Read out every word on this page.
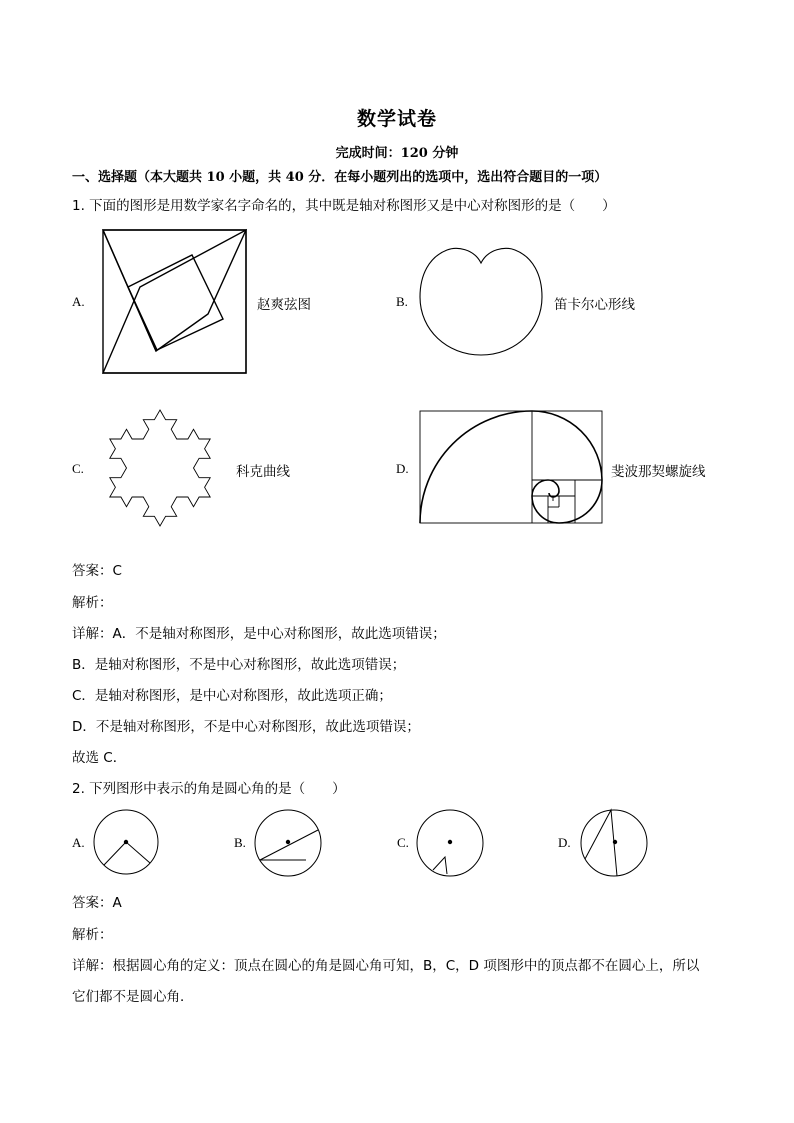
数学试卷
完成时间：120 分钟
一、选择题（本大题共 10 小题，共 40 分．在每小题列出的选项中，选出符合题目的一项）
1. 下面的图形是用数学家名字命名的，其中既是轴对称图形又是中心对称图形的是（　　）
A.	赵爽弦图	B.	笛卡尔心形线
C.	科克曲线	D.	斐波那契螺旋线
答案：C
解析：
详解：A．不是轴对称图形，是中心对称图形，故此选项错误；
B．是轴对称图形，不是中心对称图形，故此选项错误；
C．是轴对称图形，是中心对称图形，故此选项正确；
D．不是轴对称图形，不是中心对称图形，故此选项错误；
故选 C．
2. 下列图形中表示的角是圆心角的是（　　）
A.	B.	C.	D.
答案：A
解析：
详解：根据圆心角的定义：顶点在圆心的角是圆心角可知，B，C，D 项图形中的顶点都不在圆心上，所以
它们都不是圆心角．
